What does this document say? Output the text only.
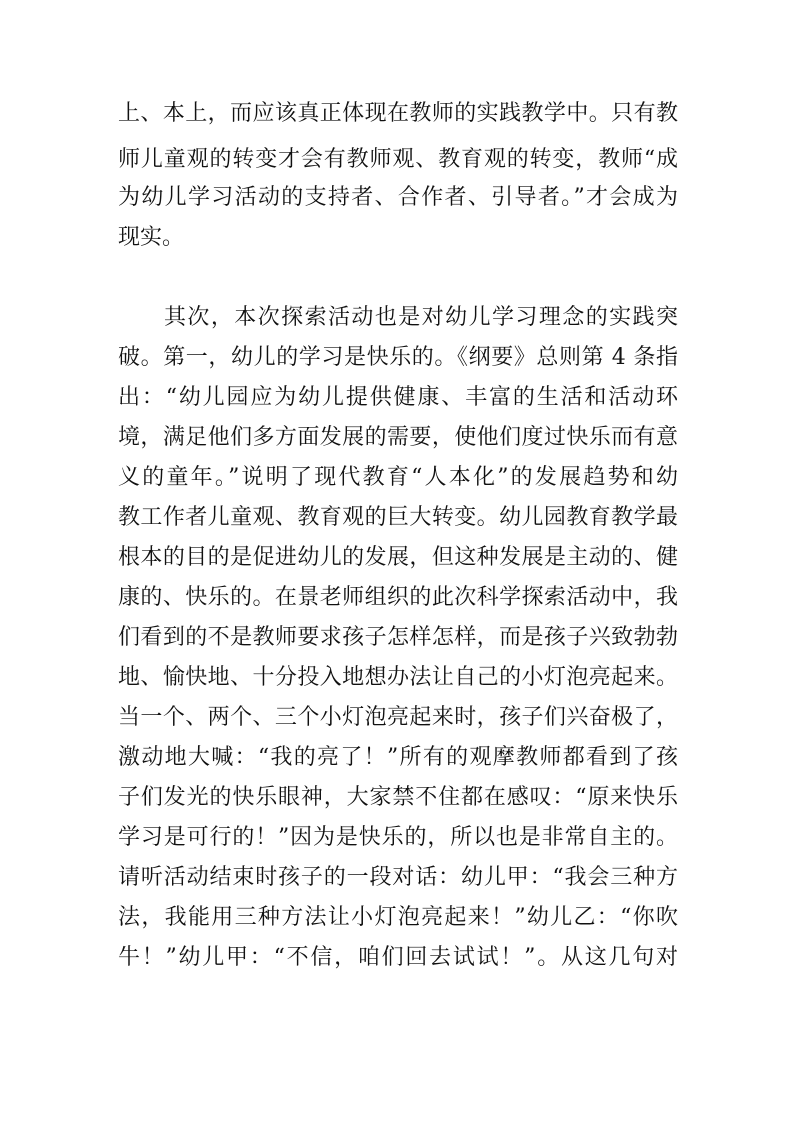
上、本上，而应该真正体现在教师的实践教学中。只有教
师儿童观的转变才会有教师观、教育观的转变，教师“成
为幼儿学习活动的支持者、合作者、引导者。”才会成为
现实。
其次，本次探索活动也是对幼儿学习理念的实践突
破。第一，幼儿的学习是快乐的。《纲要》总则第 4 条指
出：“幼儿园应为幼儿提供健康、丰富的生活和活动环
境，满足他们多方面发展的需要，使他们度过快乐而有意
义的童年。”说明了现代教育“人本化”的发展趋势和幼
教工作者儿童观、教育观的巨大转变。幼儿园教育教学最
根本的目的是促进幼儿的发展，但这种发展是主动的、健
康的、快乐的。在景老师组织的此次科学探索活动中，我
们看到的不是教师要求孩子怎样怎样，而是孩子兴致勃勃
地、愉快地、十分投入地想办法让自己的小灯泡亮起来。
当一个、两个、三个小灯泡亮起来时，孩子们兴奋极了，
激动地大喊：“我的亮了！”所有的观摩教师都看到了孩
子们发光的快乐眼神，大家禁不住都在感叹：“原来快乐
学习是可行的！”因为是快乐的，所以也是非常自主的。
请听活动结束时孩子的一段对话：幼儿甲：“我会三种方
法，我能用三种方法让小灯泡亮起来！”幼儿乙：“你吹
牛！”幼儿甲：“不信，咱们回去试试！”。从这几句对
